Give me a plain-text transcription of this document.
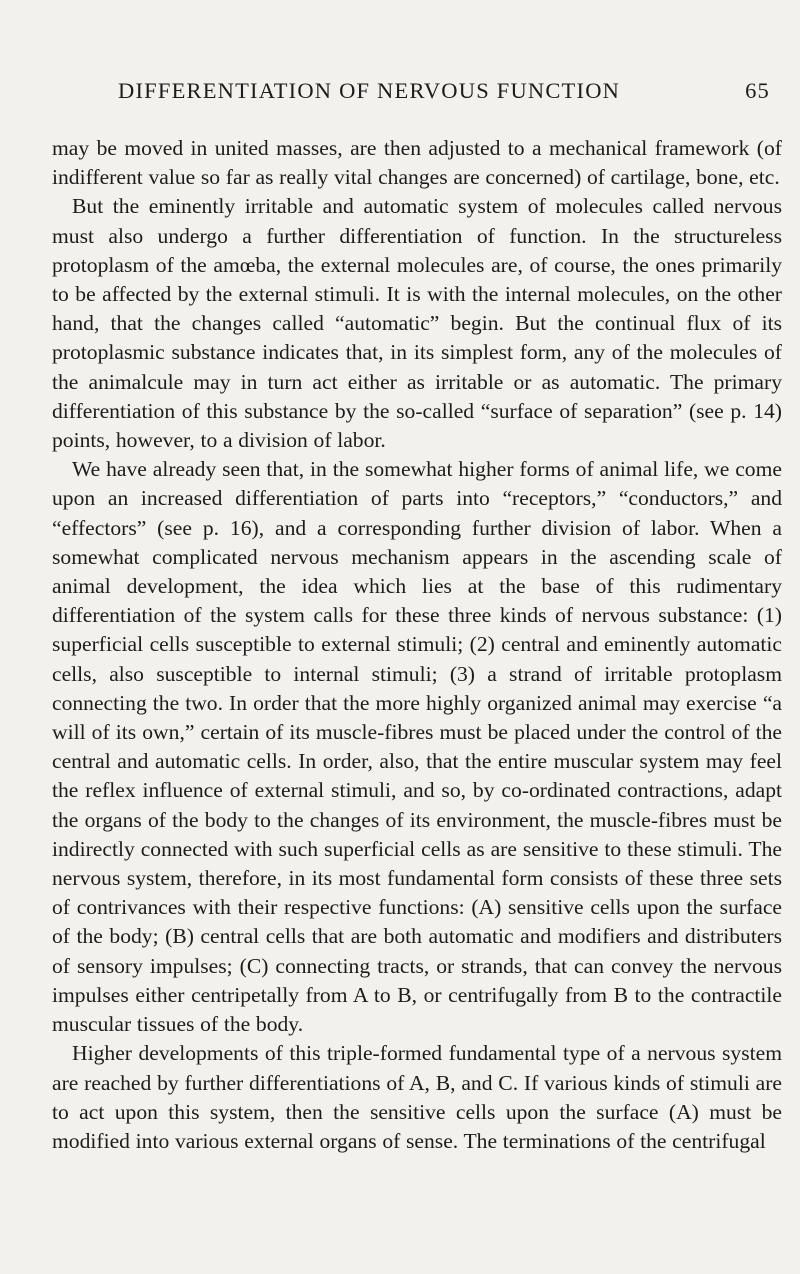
DIFFERENTIATION OF NERVOUS FUNCTION	65

may be moved in united masses, are then adjusted to a mechanical framework (of indifferent value so far as really vital changes are concerned) of cartilage, bone, etc.

But the eminently irritable and automatic system of molecules called nervous must also undergo a further differentiation of function. In the structureless protoplasm of the amœba, the external molecules are, of course, the ones primarily to be affected by the external stimuli. It is with the internal molecules, on the other hand, that the changes called “automatic” begin. But the continual flux of its protoplasmic substance indicates that, in its simplest form, any of the molecules of the animalcule may in turn act either as irritable or as automatic. The primary differentiation of this substance by the so-called “surface of separation” (see p. 14) points, however, to a division of labor.

We have already seen that, in the somewhat higher forms of animal life, we come upon an increased differentiation of parts into “receptors,” “conductors,” and “effectors” (see p. 16), and a corresponding further division of labor. When a somewhat complicated nervous mechanism appears in the ascending scale of animal development, the idea which lies at the base of this rudimentary differentiation of the system calls for these three kinds of nervous substance: (1) superficial cells susceptible to external stimuli; (2) central and eminently automatic cells, also susceptible to internal stimuli; (3) a strand of irritable protoplasm connecting the two. In order that the more highly organized animal may exercise “a will of its own,” certain of its muscle-fibres must be placed under the control of the central and automatic cells. In order, also, that the entire muscular system may feel the reflex influence of external stimuli, and so, by co-ordinated contractions, adapt the organs of the body to the changes of its environment, the muscle-fibres must be indirectly connected with such superficial cells as are sensitive to these stimuli. The nervous system, therefore, in its most fundamental form consists of these three sets of contrivances with their respective functions: (A) sensitive cells upon the surface of the body; (B) central cells that are both automatic and modifiers and distributers of sensory impulses; (C) connecting tracts, or strands, that can convey the nervous impulses either centripetally from A to B, or centrifugally from B to the contractile muscular tissues of the body.

Higher developments of this triple-formed fundamental type of a nervous system are reached by further differentiations of A, B, and C. If various kinds of stimuli are to act upon this system, then the sensitive cells upon the surface (A) must be modified into various external organs of sense. The terminations of the centrifugal
